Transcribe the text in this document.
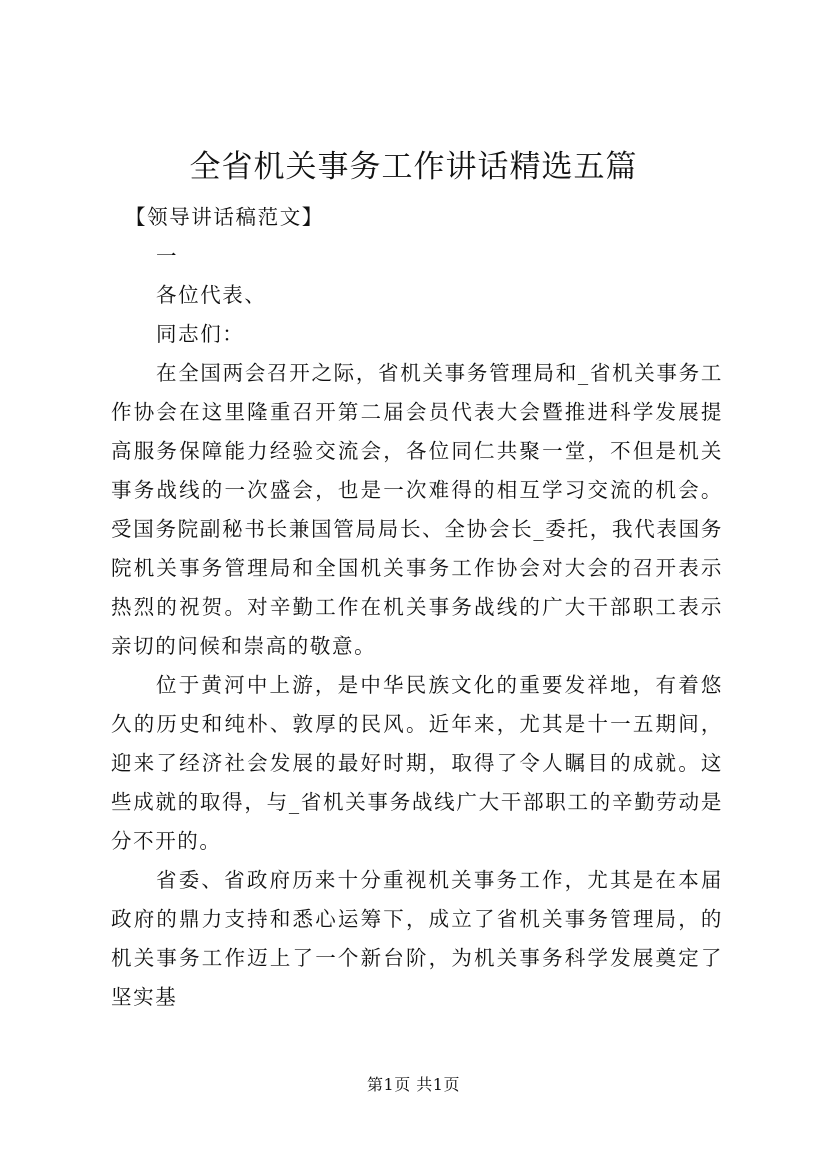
全省机关事务工作讲话精选五篇
【领导讲话稿范文】
一
各位代表、
同志们：

在全国两会召开之际，省机关事务管理局和_省机关事务工作协会在这里隆重召开第二届会员代表大会暨推进科学发展提高服务保障能力经验交流会，各位同仁共聚一堂，不但是机关事务战线的一次盛会，也是一次难得的相互学习交流的机会。受国务院副秘书长兼国管局局长、全协会长_委托，我代表国务院机关事务管理局和全国机关事务工作协会对大会的召开表示热烈的祝贺。对辛勤工作在机关事务战线的广大干部职工表示亲切的问候和崇高的敬意。

位于黄河中上游，是中华民族文化的重要发祥地，有着悠久的历史和纯朴、敦厚的民风。近年来，尤其是十一五期间，迎来了经济社会发展的最好时期，取得了令人瞩目的成就。这些成就的取得，与_省机关事务战线广大干部职工的辛勤劳动是分不开的。

省委、省政府历来十分重视机关事务工作，尤其是在本届政府的鼎力支持和悉心运筹下，成立了省机关事务管理局，的机关事务工作迈上了一个新台阶，为机关事务科学发展奠定了坚实基

第1页 共1页
